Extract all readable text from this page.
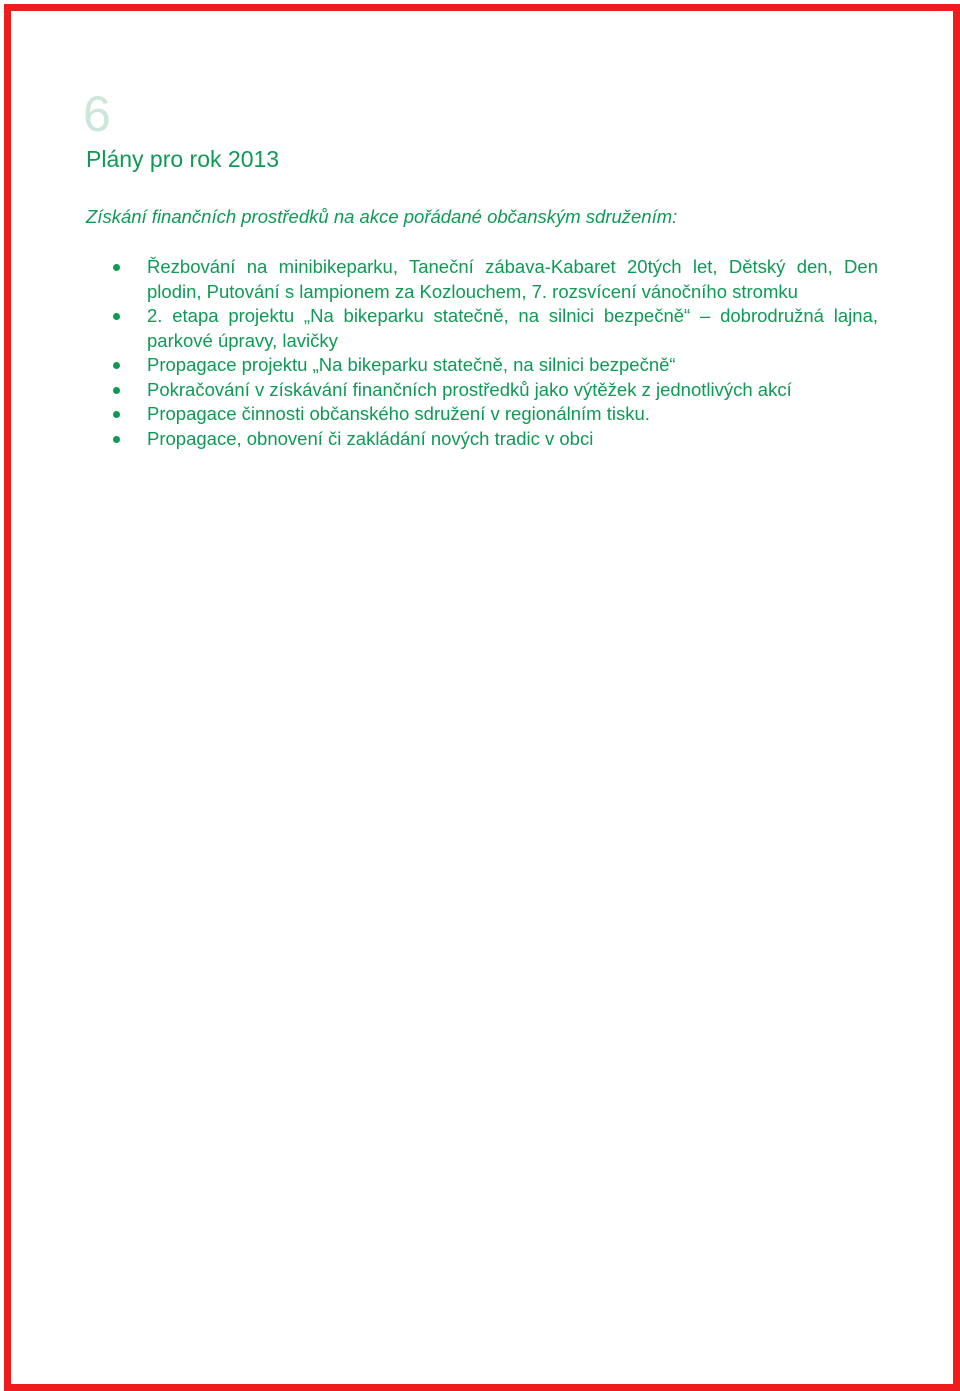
6
Plány pro rok 2013
Získání finančních prostředků na akce pořádané občanským sdružením:
Řezbování na minibikeparku, Taneční zábava-Kabaret 20tých let, Dětský den, Den plodin, Putování s lampionem za Kozlouchem, 7. rozsvícení vánočního stromku
2. etapa projektu „Na bikeparku statečně, na silnici bezpečně“ – dobrodružná lajna, parkové úpravy, lavičky
Propagace projektu „Na bikeparku statečně, na silnici bezpečně“
Pokračování v získávání finančních prostředků jako výtěžek z jednotlivých akcí
Propagace činnosti občanského sdružení v regionálním tisku.
Propagace, obnovení či zakládání nových tradic v obci
